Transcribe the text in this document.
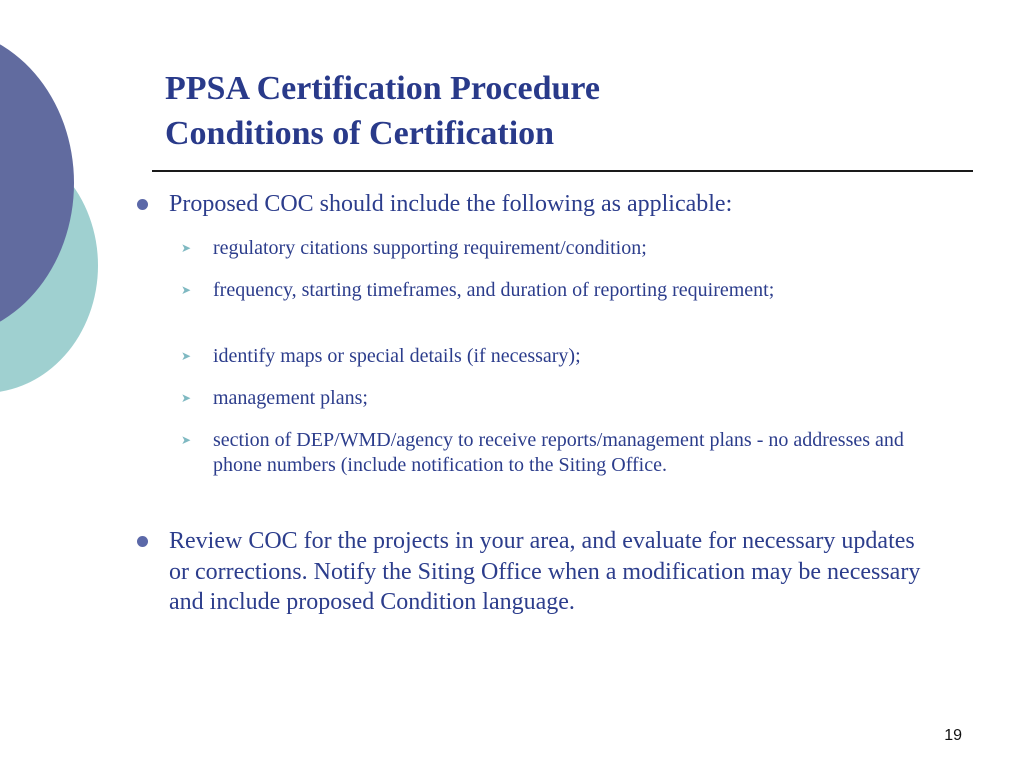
PPSA Certification Procedure
Conditions of Certification
Proposed COC should include the following as applicable:
➤ regulatory citations supporting requirement/condition;
➤ frequency, starting timeframes, and duration of reporting requirement;
➤ identify maps or special details (if necessary);
➤ management plans;
➤ section of DEP/WMD/agency to receive reports/management plans - no addresses and phone numbers (include notification to the Siting Office.
Review COC for the projects in your area, and evaluate for necessary updates or corrections. Notify the Siting Office when a modification may be necessary and include proposed Condition language.
19
